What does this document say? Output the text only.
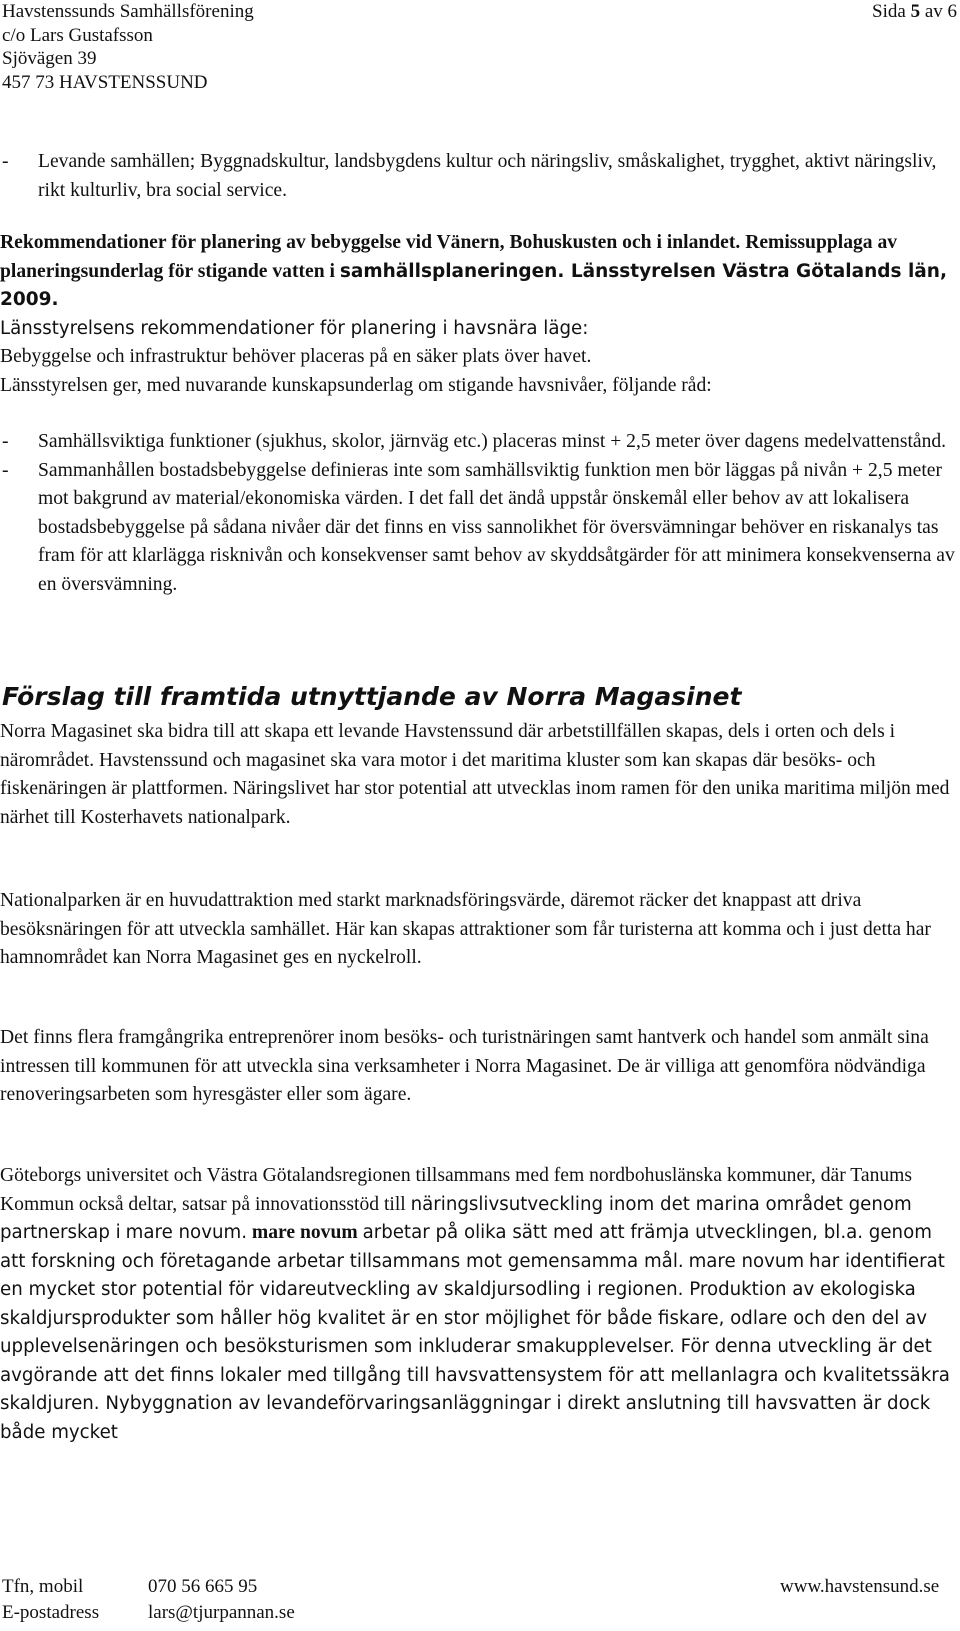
Havstenssunds Samhällsförening
c/o Lars Gustafsson
Sjövägen 39
457 73 HAVSTENSSUND
Sida 5 av 6
- Levande samhällen; Byggnadskultur, landsbygdens kultur och näringsliv, småskalighet, trygghet, aktivt näringsliv, rikt kulturliv, bra social service.

Rekommendationer för planering av bebyggelse vid Vänern, Bohuskusten och i inlandet. Remissupplaga av planeringsunderlag för stigande vatten i samhällsplaneringen. Länsstyrelsen Västra Götalands län, 2009.

Länsstyrelsens rekommendationer för planering i havsnära läge:
Bebyggelse och infrastruktur behöver placeras på en säker plats över havet.
Länsstyrelsen ger, med nuvarande kunskapsunderlag om stigande havsnivåer, följande råd:
- Samhällsviktiga funktioner (sjukhus, skolor, järnväg etc.) placeras minst + 2,5 meter över dagens medelvattenstånd.
- Sammanhållen bostadsbebyggelse definieras inte som samhällsviktig funktion men bör läggas på nivån + 2,5 meter mot bakgrund av material/ekonomiska värden. I det fall det ändå uppstår önskemål eller behov av att lokalisera bostadsbebyggelse på sådana nivåer där det finns en viss sannolikhet för översvämningar behöver en riskanalys tas fram för att klarlägga risknivån och konsekvenser samt behov av skyddsåtgärder för att minimera konsekvenserna av en översvämning.
Förslag till framtida utnyttjande av Norra Magasinet

Norra Magasinet ska bidra till att skapa ett levande Havstenssund där arbetstillfällen skapas, dels i orten och dels i närområdet. Havstenssund och magasinet ska vara motor i det maritima kluster som kan skapas där besöks- och fiskenäringen är plattformen. Näringslivet har stor potential att utvecklas inom ramen för den unika maritima miljön med närhet till Kosterhavets nationalpark.

Nationalparken är en huvudattraktion med starkt marknadsföringsvärde, däremot räcker det knappast att driva besöksnäringen för att utveckla samhället. Här kan skapas attraktioner som får turisterna att komma och i just detta har hamnområdet kan Norra Magasinet ges en nyckelroll.

Det finns flera framgångrika entreprenörer inom besöks- och turistnäringen samt hantverk och handel som anmält sina intressen till kommunen för att utveckla sina verksamheter i Norra Magasinet. De är villiga att genomföra nödvändiga renoveringsarbeten som hyresgäster eller som ägare.

Göteborgs universitet och Västra Götalandsregionen tillsammans med fem nordbohuslänska kommuner, där Tanums Kommun också deltar, satsar på innovationsstöd till näringslivsutveckling inom det marina området genom partnerskap i mare novum. mare novum arbetar på olika sätt med att främja utvecklingen, bl.a. genom att forskning och företagande arbetar tillsammans mot gemensamma mål. mare novum har identifierat en mycket stor potential för vidareutveckling av skaldjursodling i regionen. Produktion av ekologiska skaldjursprodukter som håller hög kvalitet är en stor möjlighet för både fiskare, odlare och den del av upplevelsenäringen och besöksturismen som inkluderar smakupplevelser. För denna utveckling är det avgörande att det finns lokaler med tillgång till havsvattensystem för att mellanlagra och kvalitetssäkra skaldjuren. Nybyggnation av levandeförvaringsanläggningar i direkt anslutning till havsvatten är dock både mycket

Tfn, mobil	070 56 665 95	www.havstensund.se
E-postadress	lars@tjurpannan.se
